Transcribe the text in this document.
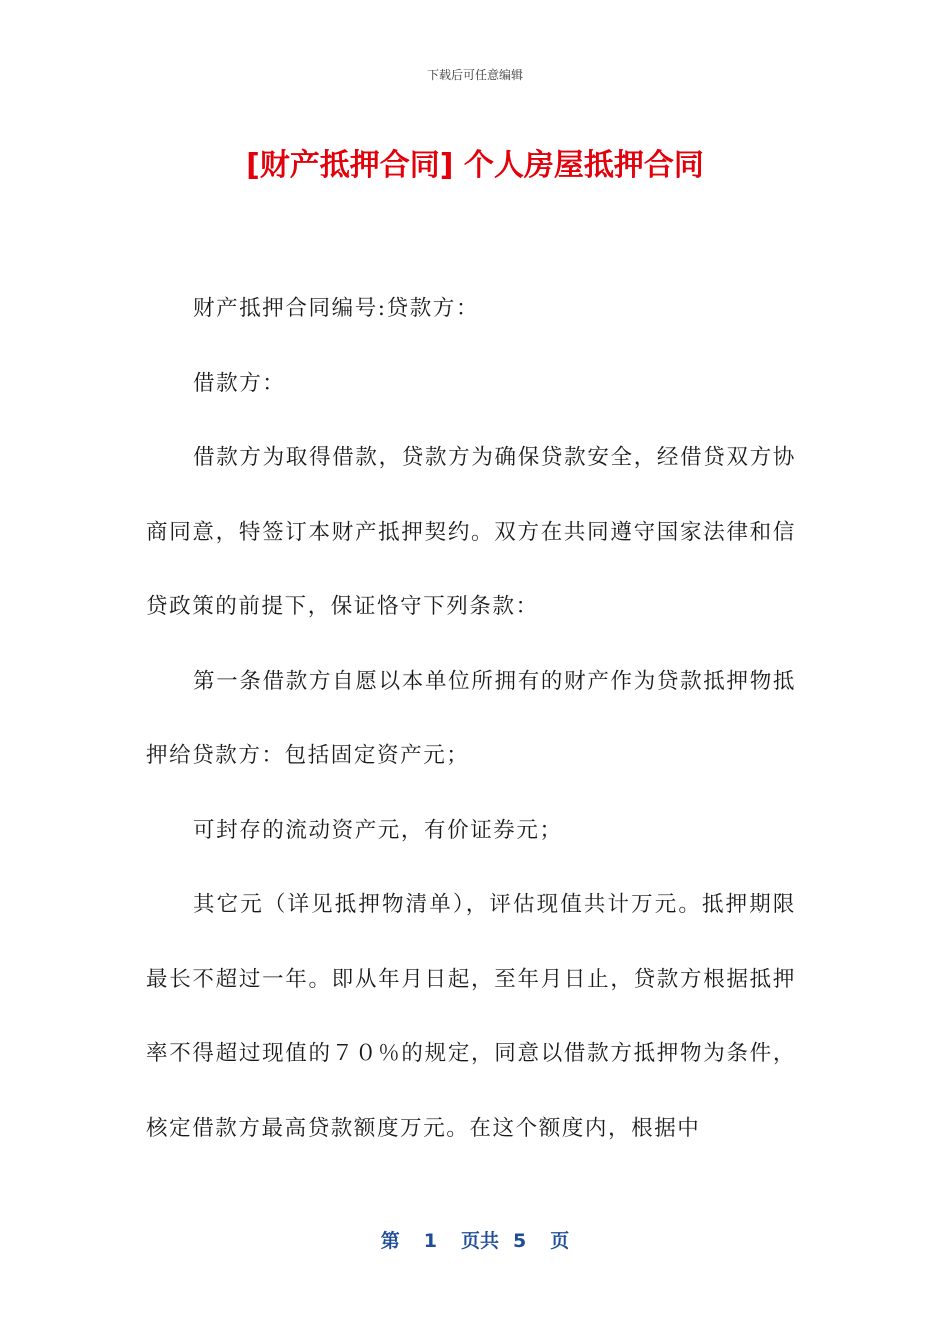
下载后可任意编辑
[财产抵押合同] 个人房屋抵押合同

财产抵押合同编号:贷款方：

借款方：

借款方为取得借款，贷款方为确保贷款安全，经借贷双方协商同意，特签订本财产抵押契约。双方在共同遵守国家法律和信贷政策的前提下，保证恪守下列条款：

第一条借款方自愿以本单位所拥有的财产作为贷款抵押物抵押给贷款方：包括固定资产元；

可封存的流动资产元，有价证券元；

其它元（详见抵押物清单），评估现值共计万元。抵押期限最长不超过一年。即从年月日起，至年月日止，贷款方根据抵押率不得超过现值的７０％的规定，同意以借款方抵押物为条件，核定借款方最高贷款额度万元。在这个额度内，根据中

第 1 页共 5 页
